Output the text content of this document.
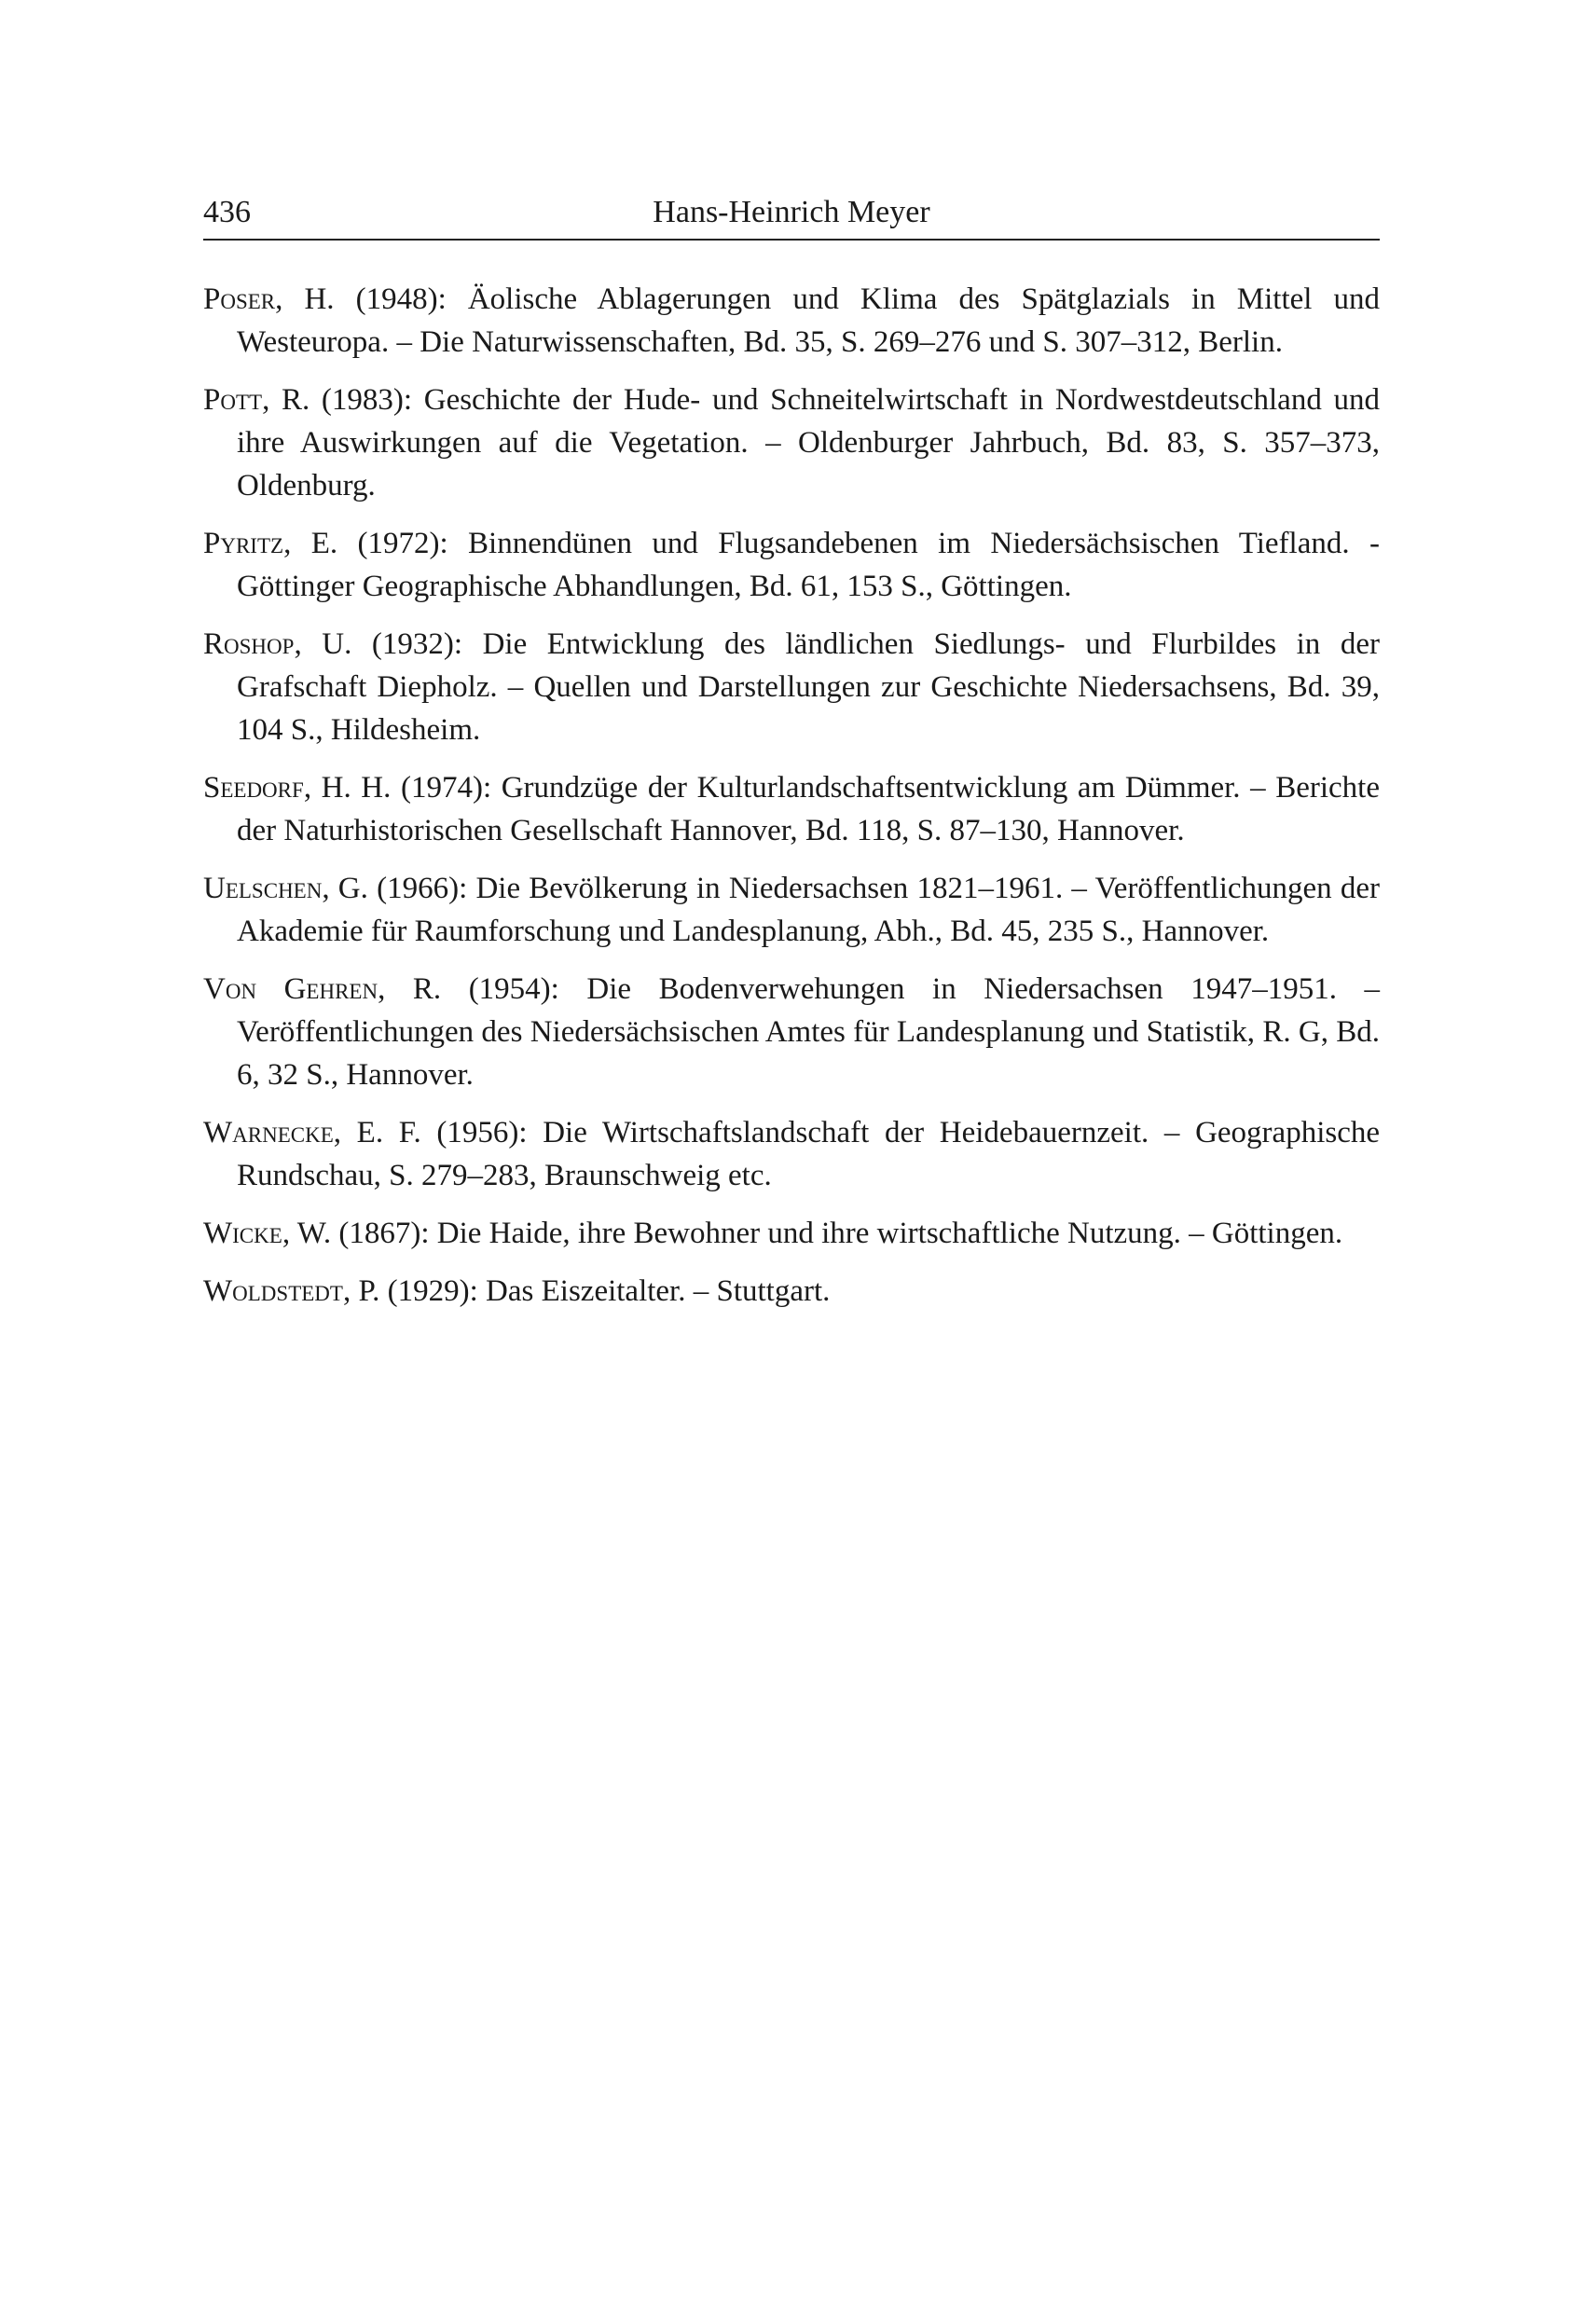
436	Hans-Heinrich Meyer

Poser, H. (1948): Äolische Ablagerungen und Klima des Spätglazials in Mittel und Westeuropa. – Die Naturwissenschaften, Bd. 35, S. 269–276 und S. 307–312, Berlin.

Pott, R. (1983): Geschichte der Hude- und Schneitelwirtschaft in Nordwestdeutschland und ihre Auswirkungen auf die Vegetation. – Oldenburger Jahrbuch, Bd. 83, S. 357–373, Oldenburg.

Pyritz, E. (1972): Binnendünen und Flugsandebenen im Niedersächsischen Tiefland. - Göttinger Geographische Abhandlungen, Bd. 61, 153 S., Göttingen.

Roshop, U. (1932): Die Entwicklung des ländlichen Siedlungs- und Flurbildes in der Grafschaft Diepholz. – Quellen und Darstellungen zur Geschichte Niedersachsens, Bd. 39, 104 S., Hildesheim.

Seedorf, H. H. (1974): Grundzüge der Kulturlandschaftsentwicklung am Dümmer. – Berichte der Naturhistorischen Gesellschaft Hannover, Bd. 118, S. 87–130, Hannover.

Uelschen, G. (1966): Die Bevölkerung in Niedersachsen 1821–1961. – Veröffentlichungen der Akademie für Raumforschung und Landesplanung, Abh., Bd. 45, 235 S., Hannover.

Von Gehren, R. (1954): Die Bodenverwehungen in Niedersachsen 1947–1951. – Veröffentlichungen des Niedersächsischen Amtes für Landesplanung und Statistik, R. G, Bd. 6, 32 S., Hannover.

Warnecke, E. F. (1956): Die Wirtschaftslandschaft der Heidebauernzeit. – Geographische Rundschau, S. 279–283, Braunschweig etc.

Wicke, W. (1867): Die Haide, ihre Bewohner und ihre wirtschaftliche Nutzung. – Göttingen.

Woldstedt, P. (1929): Das Eiszeitalter. – Stuttgart.
